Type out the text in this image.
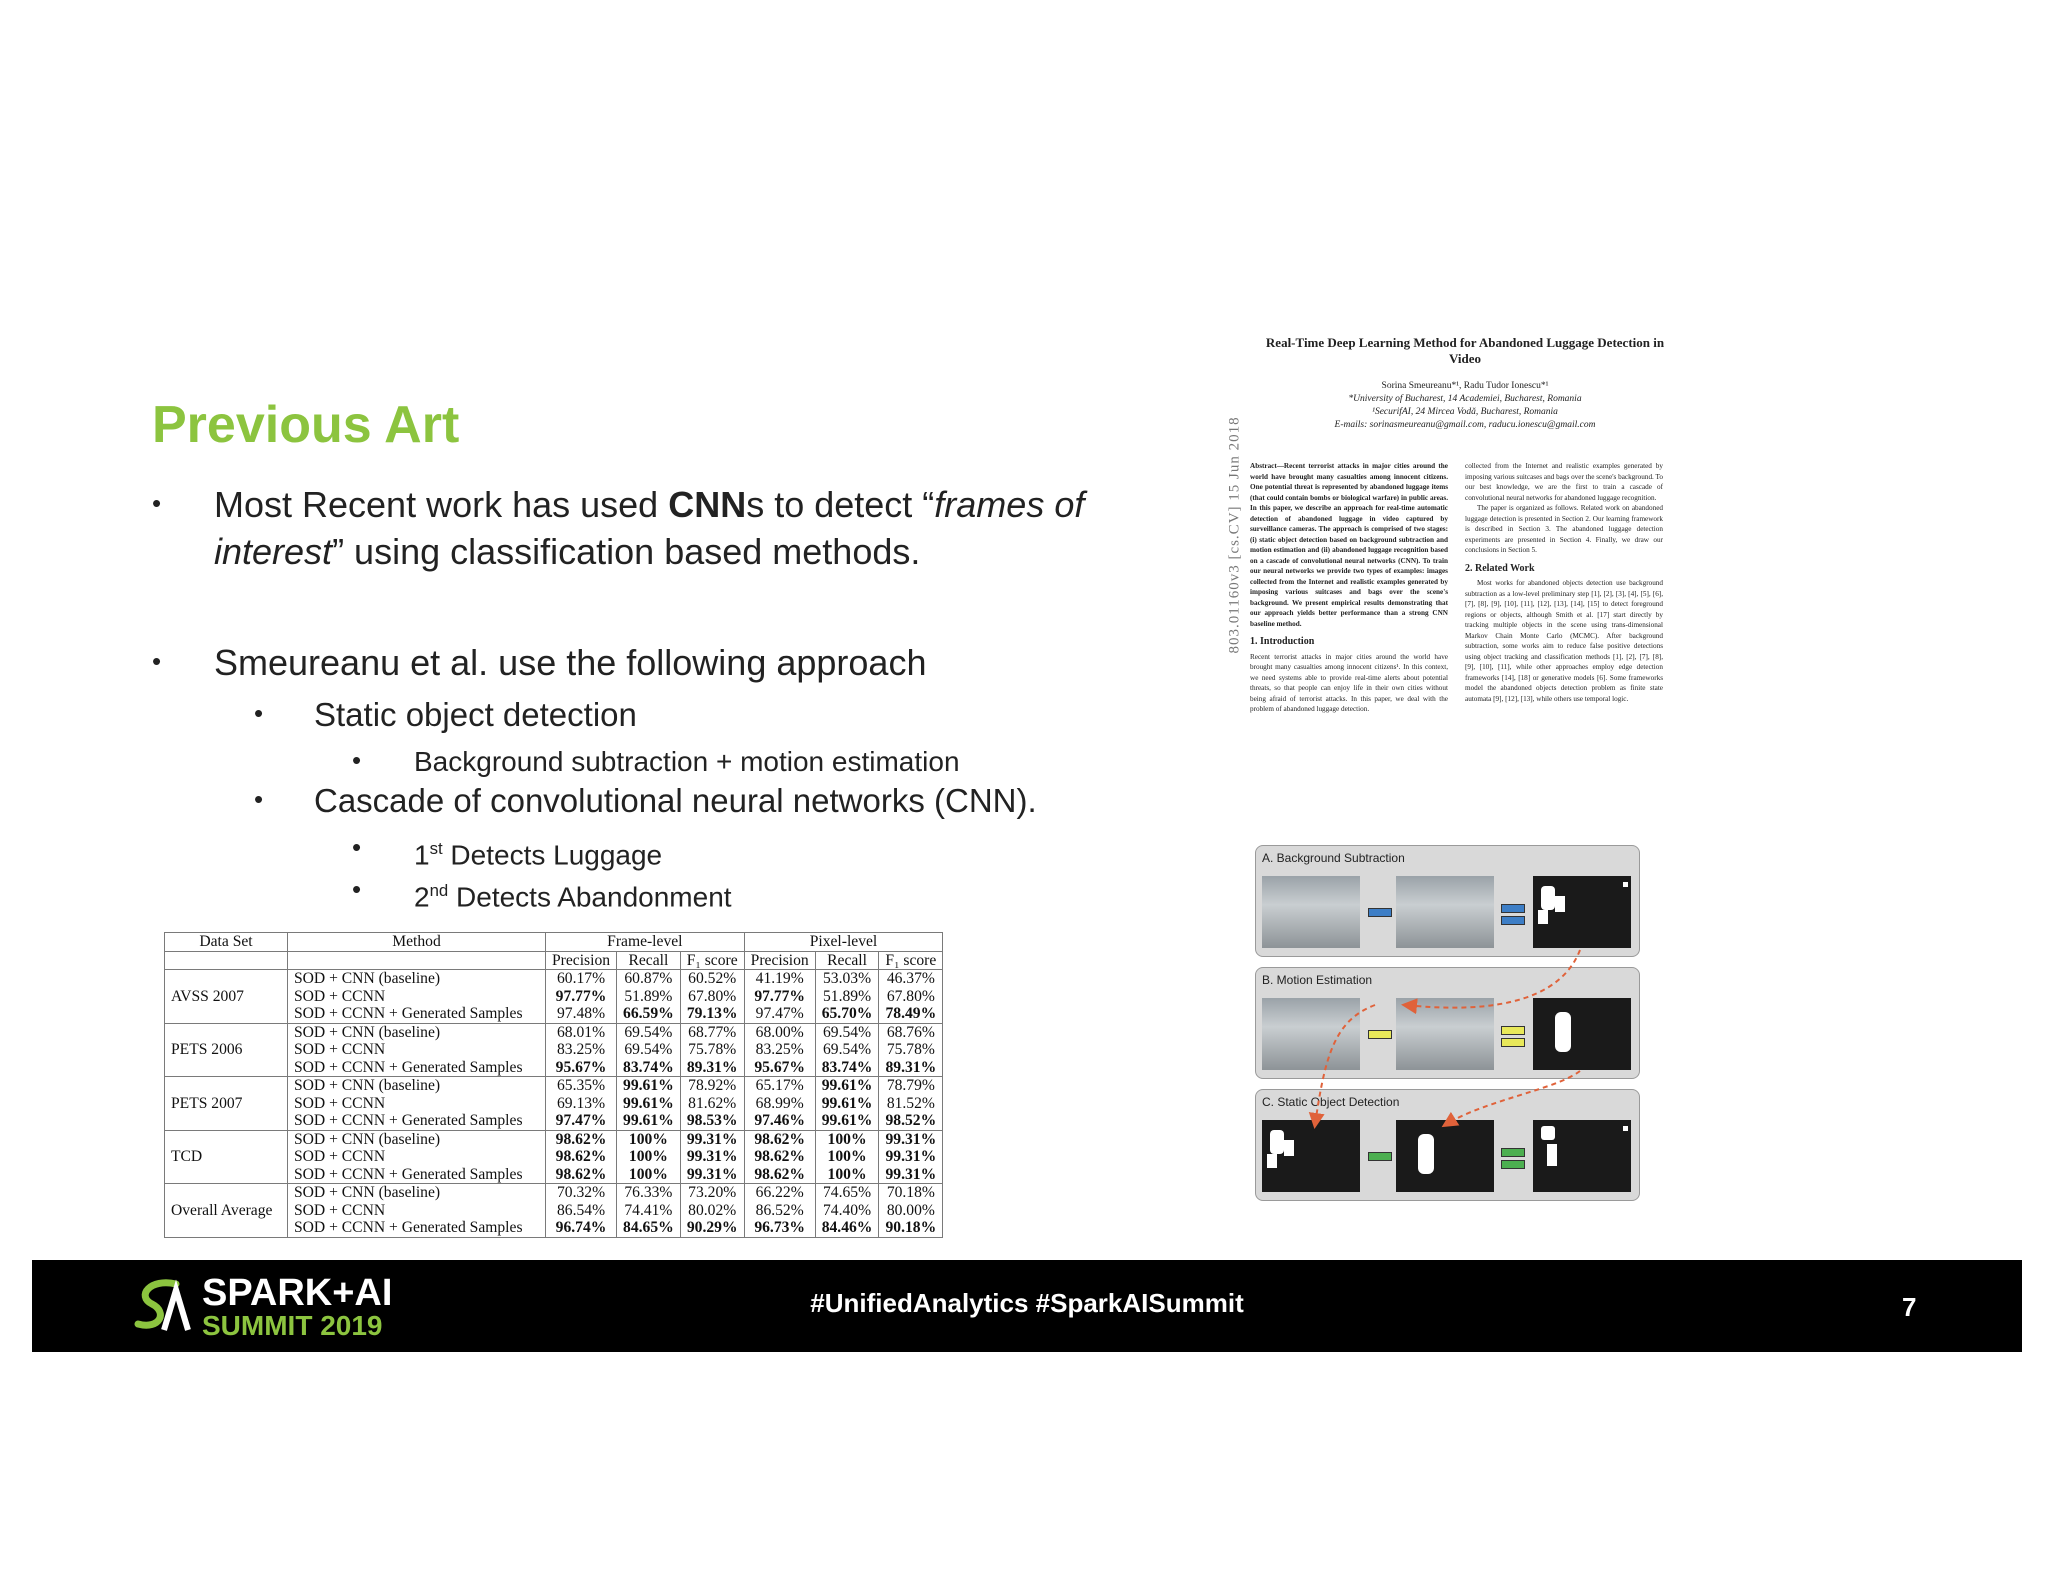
Previous Art
• Most Recent work has used CNNs to detect “frames of
interest” using classification based methods.
• Smeureanu et al. use the following approach
• Static object detection
• Background subtraction + motion estimation
• Cascade of convolutional neural networks (CNN).
• 1st Detects Luggage
• 2nd Detects Abandonment
Data Set	Method	Frame-level			Pixel-level		
		Precision	Recall	F₁ score	Precision	Recall	F₁ score
AVSS 2007	SOD + CNN (baseline)	60.17%	60.87%	60.52%	41.19%	53.03%	46.37%
	SOD + CCNN	97.77%	51.89%	67.80%	97.77%	51.89%	67.80%
	SOD + CCNN + Generated Samples	97.48%	66.59%	79.13%	97.47%	65.70%	78.49%
PETS 2006	SOD + CNN (baseline)	68.01%	69.54%	68.77%	68.00%	69.54%	68.76%
	SOD + CCNN	83.25%	69.54%	75.78%	83.25%	69.54%	75.78%
	SOD + CCNN + Generated Samples	95.67%	83.74%	89.31%	95.67%	83.74%	89.31%
PETS 2007	SOD + CNN (baseline)	65.35%	99.61%	78.92%	65.17%	99.61%	78.79%
	SOD + CCNN	69.13%	99.61%	81.62%	68.99%	99.61%	81.52%
	SOD + CCNN + Generated Samples	97.47%	99.61%	98.53%	97.46%	99.61%	98.52%
TCD	SOD + CNN (baseline)	98.62%	100%	99.31%	98.62%	100%	99.31%
	SOD + CCNN	98.62%	100%	99.31%	98.62%	100%	99.31%
	SOD + CCNN + Generated Samples	98.62%	100%	99.31%	98.62%	100%	99.31%
Overall Average	SOD + CNN (baseline)	70.32%	76.33%	73.20%	66.22%	74.65%	70.18%
	SOD + CCNN	86.54%	74.41%	80.02%	86.52%	74.40%	80.00%
	SOD + CCNN + Generated Samples	96.74%	84.65%	90.29%	96.73%	84.46%	90.18%
Real-Time Deep Learning Method for Abandoned Luggage Detection in Video
Sorina Smeureanu*¹, Radu Tudor Ionescu*¹
*University of Bucharest, 14 Academiei, Bucharest, Romania
¹SecurifAI, 24 Mircea Vodă, Bucharest, Romania
E-mails: sorinasmeureanu@gmail.com, raducu.ionescu@gmail.com
803.01160v3 [cs.CV] 15 Jun 2018 Abstract—Recent terrorist attacks in major cities around the world have brought many casualties among innocent citizens. One potential threat is represented by abandoned luggage items (that could contain bombs or biological warfare) in public areas. In this paper, we describe an approach for real-time automatic detection of abandoned luggage in video captured by surveillance cameras. The approach is comprised of two stages: (i) static object detection based on background subtraction and motion estimation and (ii) abandoned luggage recognition based on a cascade of convolutional neural networks (CNN). To train our neural networks we provide two types of examples: images collected from the Internet and realistic examples generated by imposing various suitcases and bags over the scene's background. We present empirical results demonstrating that our approach yields better performance than a strong CNN baseline method.
1. Introduction
Recent terrorist attacks in major cities around the world have brought many casualties among innocent citizens¹. In this context, we need systems able to provide real-time alerts about potential threats, so that people can enjoy life in their own cities without being afraid of terrorist attacks. In this paper, we deal with the problem of abandoned luggage detection.
collected from the Internet and realistic examples generated by imposing various suitcases and bags over the scene's background. To our best knowledge, we are the first to train a cascade of convolutional neural networks for abandoned luggage recognition.
The paper is organized as follows. Related work on abandoned luggage detection is presented in Section 2. Our learning framework is described in Section 3. The abandoned luggage detection experiments are presented in Section 4. Finally, we draw our conclusions in Section 5.
2. Related Work
Most works for abandoned objects detection use background subtraction as a low-level preliminary step [1], [2], [3], [4], [5], [6], [7], [8], [9], [10], [11], [12], [13], [14], [15] to detect foreground regions or objects, although Smith et al. [17] start directly by tracking multiple objects in the scene using trans-dimensional Markov Chain Monte Carlo (MCMC). After background subtraction, some works aim to reduce false positive detections using object tracking and classification methods [1], [2], [7], [8], [9], [10], [11], while other approaches employ edge detection frameworks [14], [18] or generative models [6]. Some frameworks model the abandoned objects detection problem as finite state automata [9], [12], [13], while others use temporal logic.
A. Background Subtraction
B. Motion Estimation
C. Static Object Detection
SPARK+AI
SUMMIT 2019
#UnifiedAnalytics #SparkAISummit	7
